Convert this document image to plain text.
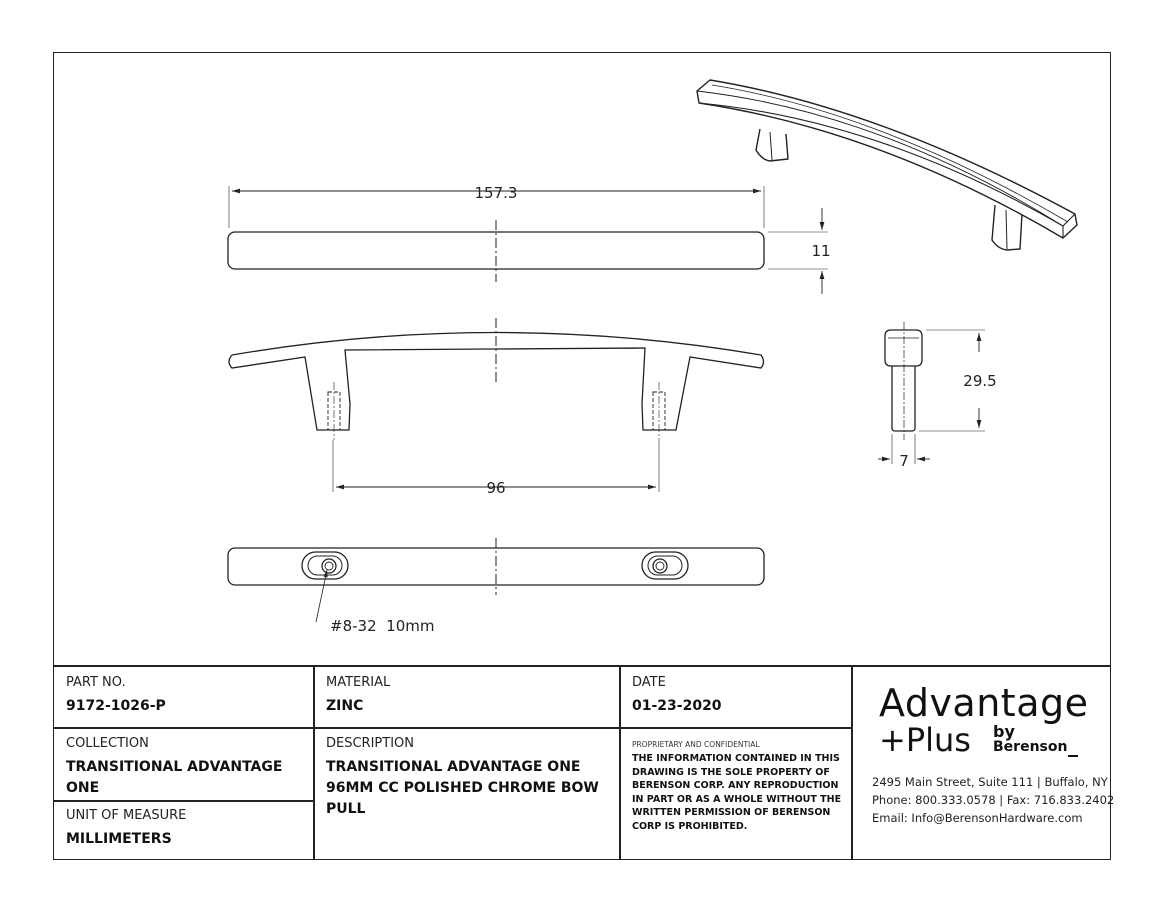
157.3
11
96
29.5
7
#8-32  10mm
PART NO.
9172-1026-P
MATERIAL
ZINC
DATE
01-23-2020
COLLECTION
TRANSITIONAL ADVANTAGE
ONE
DESCRIPTION
TRANSITIONAL ADVANTAGE ONE
96MM CC POLISHED CHROME BOW
PULL
UNIT OF MEASURE
MILLIMETERS
PROPRIETARY AND CONFIDENTIAL
THE INFORMATION CONTAINED IN THIS
DRAWING IS THE SOLE PROPERTY OF
BERENSON CORP. ANY REPRODUCTION
IN PART OR AS A WHOLE WITHOUT THE
WRITTEN PERMISSION OF BERENSON
CORP IS PROHIBITED.
Advantage
+Plus by
Berenson
2495 Main Street, Suite 111 | Buffalo, NY
Phone: 800.333.0578 | Fax: 716.833.2402
Email: Info@BerensonHardware.com
